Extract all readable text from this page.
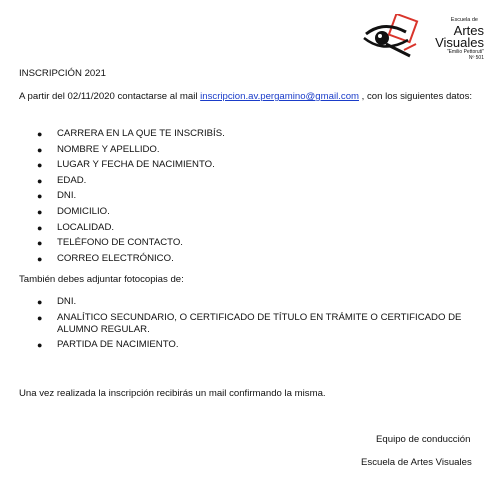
Escuela de
Artes
Visuales
"Emilio Pettoruti"
Nº 501
INSCRIPCIÓN 2021
A partir del 02/11/2020 contactarse al mail inscripcion.av.pergamino@gmail.com , con los siguientes datos:
● CARRERA EN LA QUE TE INSCRIBÍS.
● NOMBRE Y APELLIDO.
● LUGAR Y FECHA DE NACIMIENTO.
● EDAD.
● DNI.
● DOMICILIO.
● LOCALIDAD.
● TELÉFONO DE CONTACTO.
● CORREO ELECTRÓNICO.
También debes adjuntar fotocopias de:
● DNI.
● ANALÍTICO SECUNDARIO, O CERTIFICADO DE TÍTULO EN TRÁMITE O CERTIFICADO DE ALUMNO REGULAR.
● PARTIDA DE NACIMIENTO.
Una vez realizada la inscripción recibirás un mail confirmando la misma.
Equipo de conducción
Escuela de Artes Visuales
